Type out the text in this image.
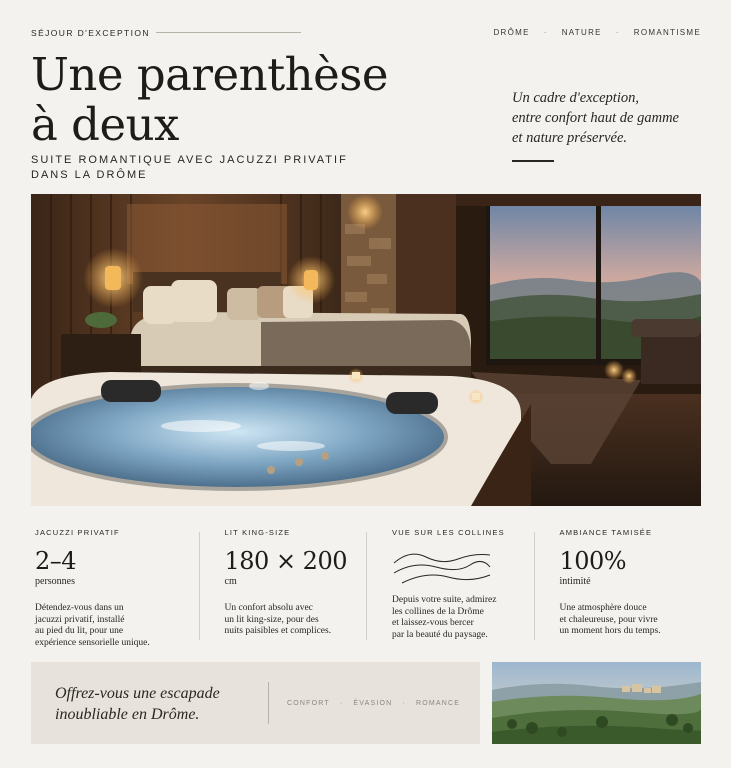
SÉJOUR D'EXCEPTION	DRÔME · NATURE · ROMANTISME
Une parenthèse
à deux
SUITE ROMANTIQUE AVEC JACUZZI PRIVATIF
DANS LA DRÔME
Un cadre d'exception,
entre confort haut de gamme
et nature préservée.
JACUZZI PRIVATIF
2–4
personnes
Détendez-vous dans un
jacuzzi privatif, installé
au pied du lit, pour une
expérience sensorielle unique.
LIT KING-SIZE
180 × 200
cm
Un confort absolu avec
un lit king-size, pour des
nuits paisibles et complices.
VUE SUR LES COLLINES
Depuis votre suite, admirez
les collines de la Drôme
et laissez-vous bercer
par la beauté du paysage.
AMBIANCE TAMISÉE
100%
intimité
Une atmosphère douce
et chaleureuse, pour vivre
un moment hors du temps.
Offrez-vous une escapade
inoubliable en Drôme.
CONFORT · ÉVASION · ROMANCE
